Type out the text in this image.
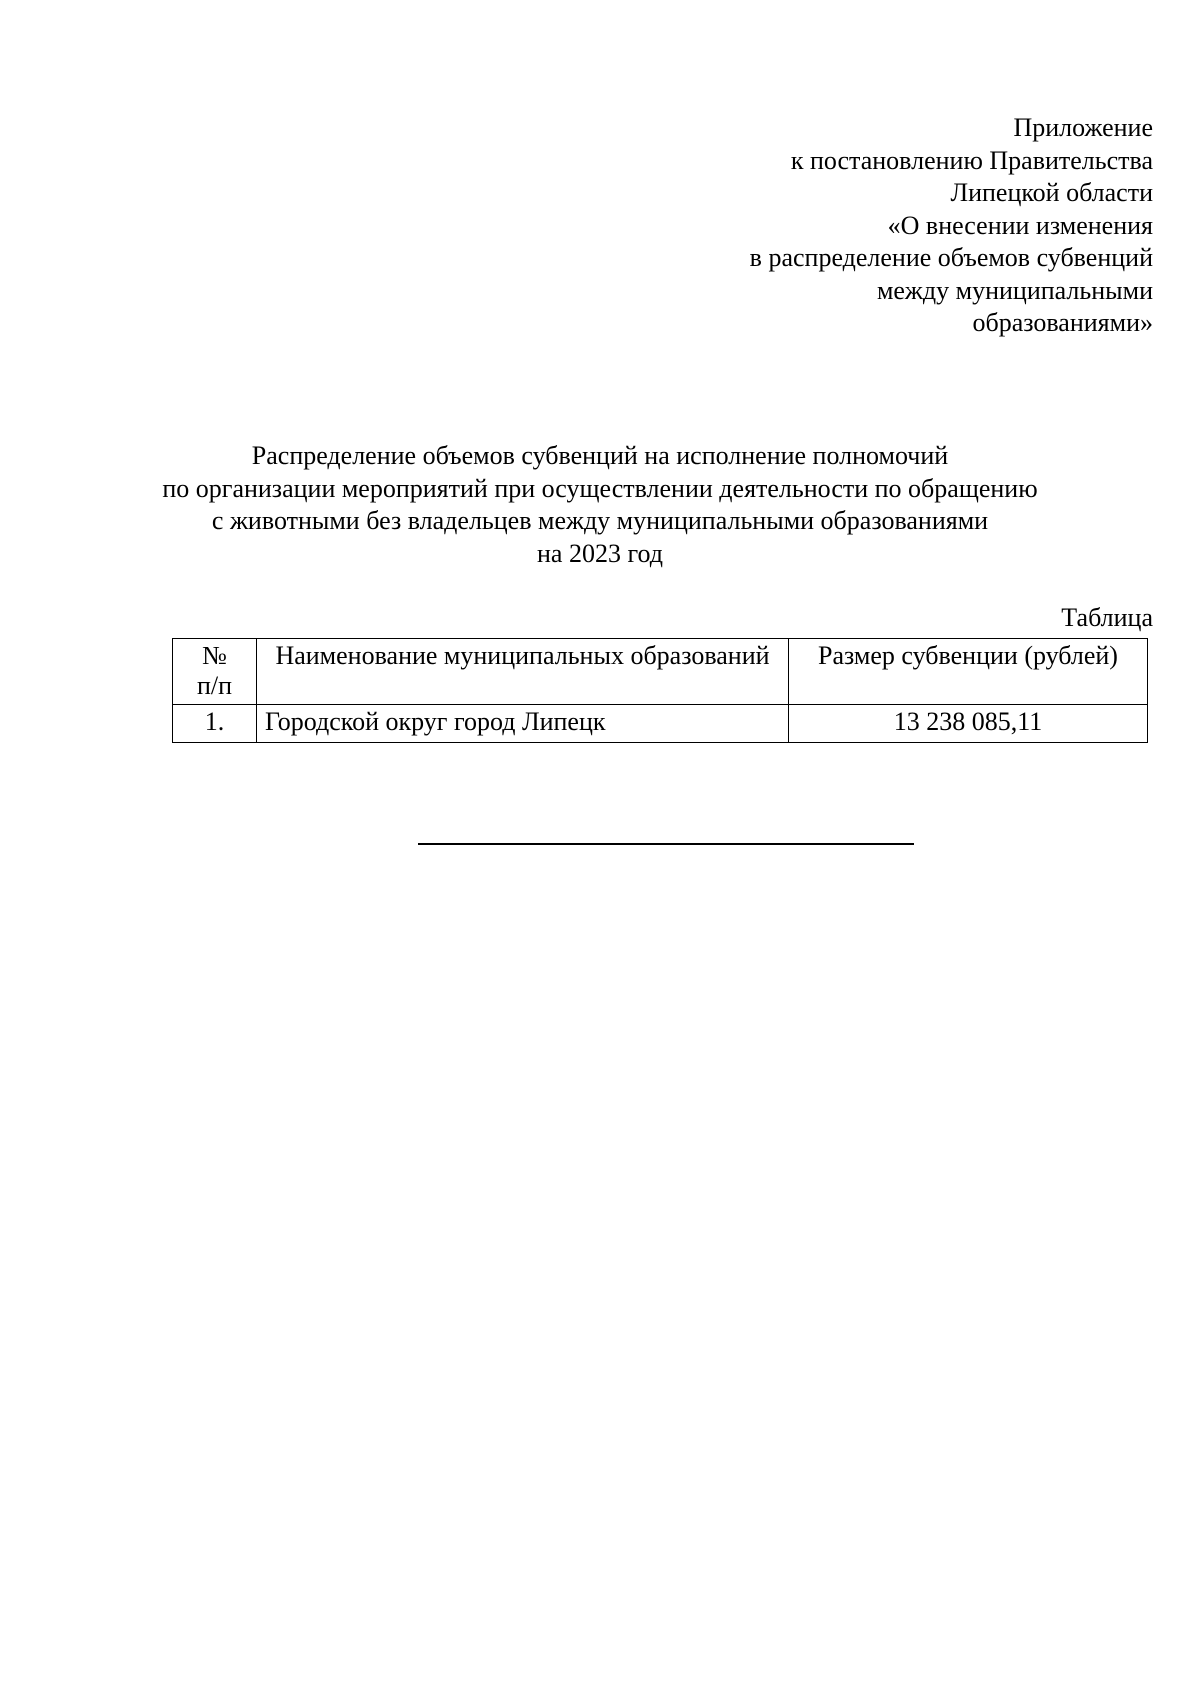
Приложение
к постановлению Правительства
Липецкой области
«О внесении изменения
в распределение объемов субвенций
между муниципальными
образованиями»
Распределение объемов субвенций на исполнение полномочий
по организации мероприятий при осуществлении деятельности по обращению
с животными без владельцев между муниципальными образованиями
на 2023 год
Таблица
№
п/п	Наименование муниципальных образований	Размер субвенции (рублей)
1.	Городской округ город Липецк	13 238 085,11
